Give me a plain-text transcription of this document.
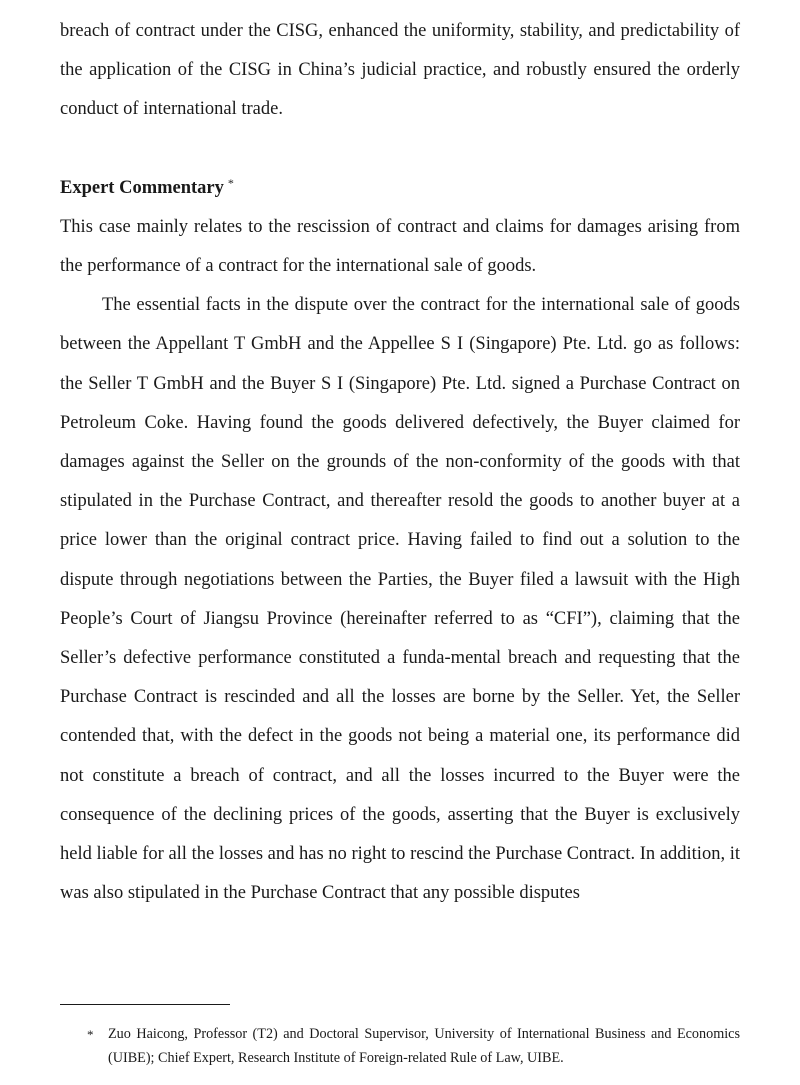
breach of contract under the CISG, enhanced the uniformity, stability, and predictability of the application of the CISG in China’s judicial practice, and robustly ensured the orderly conduct of international trade.

Expert Commentary *

This case mainly relates to the rescission of contract and claims for damages arising from the performance of a contract for the international sale of goods.

The essential facts in the dispute over the contract for the international sale of goods between the Appellant T GmbH and the Appellee S I (Singapore) Pte. Ltd. go as follows: the Seller T GmbH and the Buyer S I (Singapore) Pte. Ltd. signed a Purchase Contract on Petroleum Coke. Having found the goods delivered defectively, the Buyer claimed for damages against the Seller on the grounds of the non-conformity of the goods with that stipulated in the Purchase Contract, and thereafter resold the goods to another buyer at a price lower than the original contract price. Having failed to find out a solution to the dispute through negotiations between the Parties, the Buyer filed a lawsuit with the High People’s Court of Jiangsu Province (hereinafter referred to as “CFI”), claiming that the Seller’s defective performance constituted a funda-mental breach and requesting that the Purchase Contract is rescinded and all the losses are borne by the Seller. Yet, the Seller contended that, with the defect in the goods not being a material one, its performance did not constitute a breach of contract, and all the losses incurred to the Buyer were the consequence of the declining prices of the goods, asserting that the Buyer is exclusively held liable for all the losses and has no right to rescind the Purchase Contract. In addition, it was also stipulated in the Purchase Contract that any possible disputes

* Zuo Haicong, Professor (T2) and Doctoral Supervisor, University of International Business and Economics (UIBE); Chief Expert, Research Institute of Foreign-related Rule of Law, UIBE.
